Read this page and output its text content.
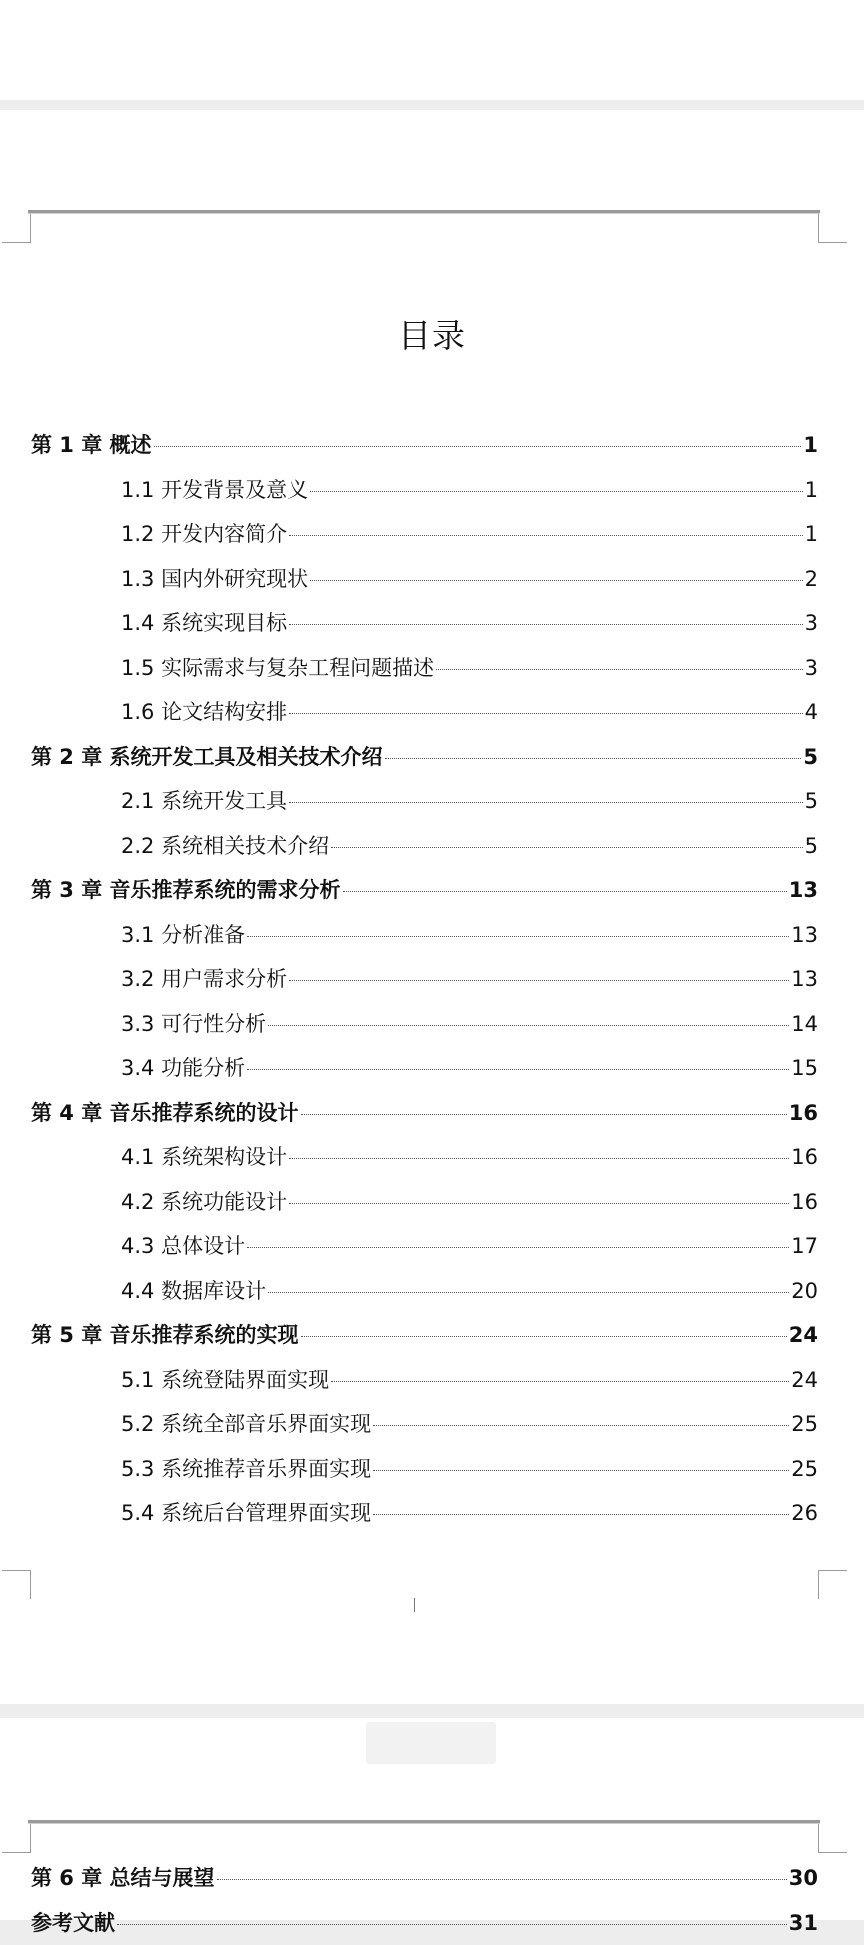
目录
第 1 章 概述	1
1.1 开发背景及意义	1
1.2 开发内容简介	1
1.3 国内外研究现状	2
1.4 系统实现目标	3
1.5 实际需求与复杂工程问题描述	3
1.6 论文结构安排	4
第 2 章 系统开发工具及相关技术介绍	5
2.1 系统开发工具	5
2.2 系统相关技术介绍	5
第 3 章 音乐推荐系统的需求分析	13
3.1 分析准备	13
3.2 用户需求分析	13
3.3 可行性分析	14
3.4 功能分析	15
第 4 章 音乐推荐系统的设计	16
4.1 系统架构设计	16
4.2 系统功能设计	16
4.3 总体设计	17
4.4 数据库设计	20
第 5 章 音乐推荐系统的实现	24
5.1 系统登陆界面实现	24
5.2 系统全部音乐界面实现	25
5.3 系统推荐音乐界面实现	25
5.4 系统后台管理界面实现	26
第 6 章 总结与展望	30
参考文献	31
